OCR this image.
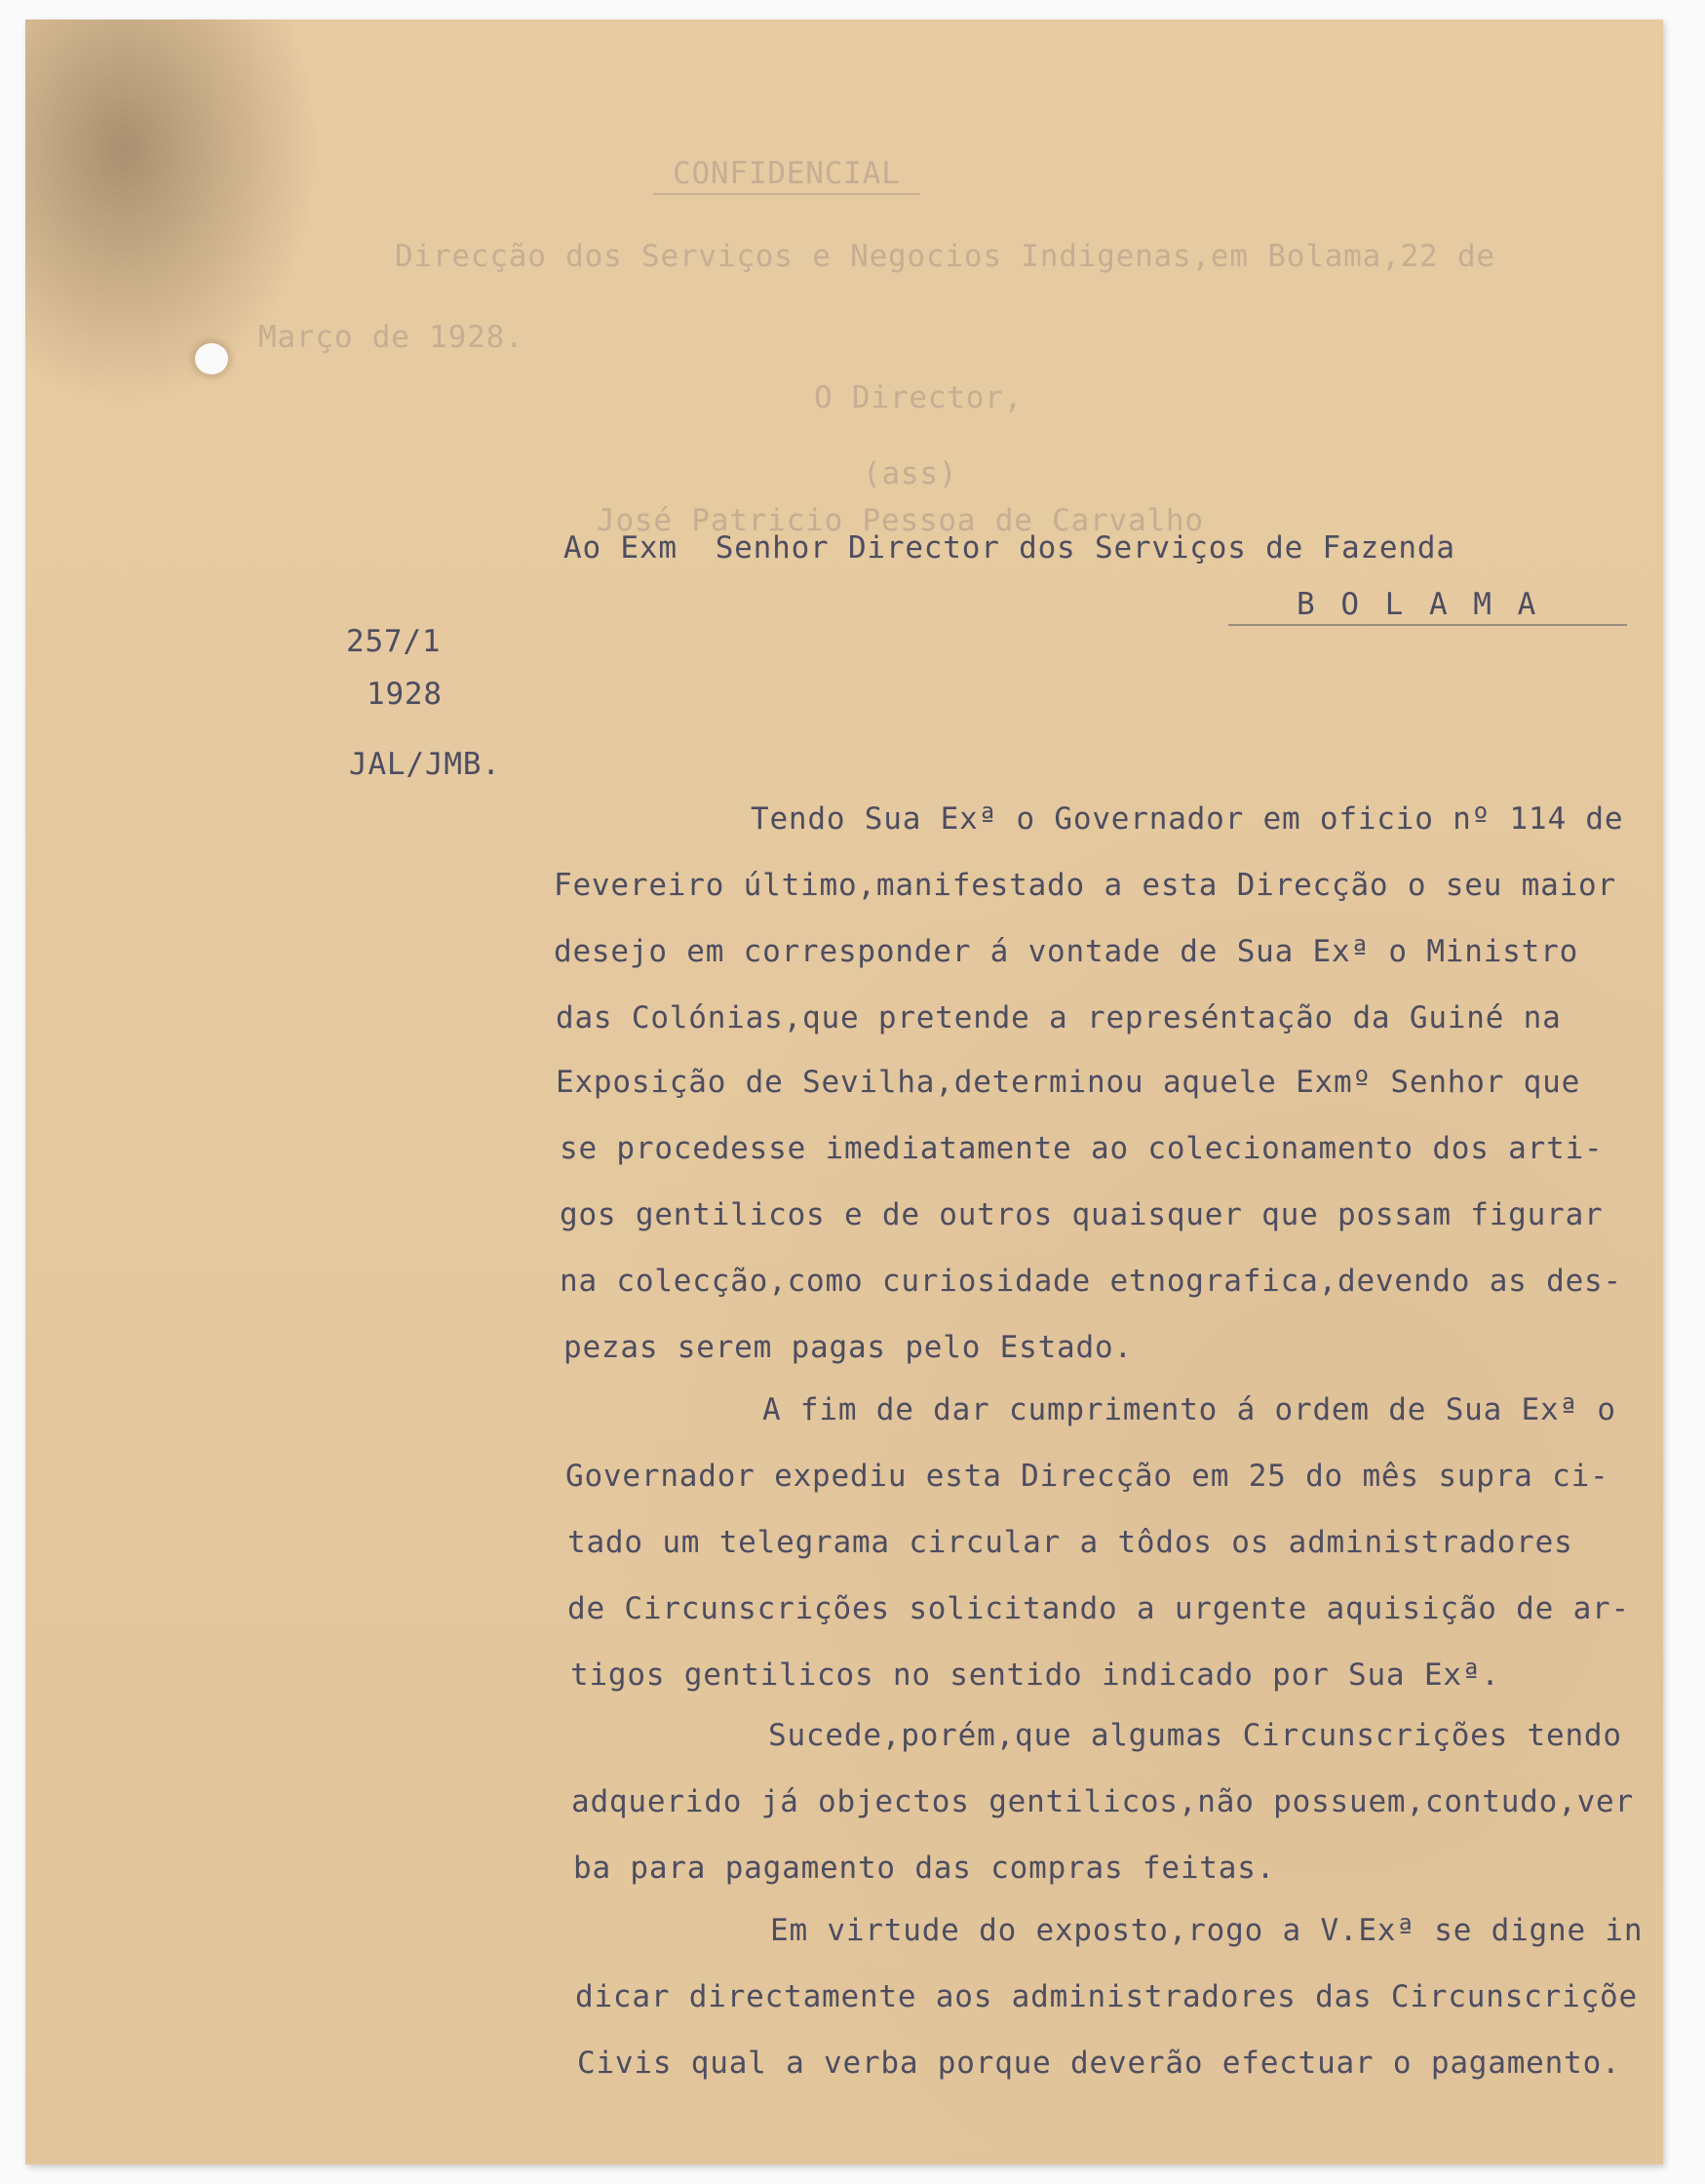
CONFIDENCIAL
Direcção dos Serviços e Negocios Indigenas,em Bolama,22 de
Março de 1928.
O Director,
(ass)
José Patricio Pessoa de Carvalho
Ao Exm  Senhor Director dos Serviços de Fazenda
B O L A M A
257/1
1928
JAL/JMB.
Tendo Sua Exª o Governador em oficio nº 114 de
Fevereiro último,manifestado a esta Direcção o seu maior
desejo em corresponder á vontade de Sua Exª o Ministro
das Colónias,que pretende a represéntação da Guiné na
Exposição de Sevilha,determinou aquele Exmº Senhor que
se procedesse imediatamente ao colecionamento dos arti-
gos gentilicos e de outros quaisquer que possam figurar
na colecção,como curiosidade etnografica,devendo as des-
pezas serem pagas pelo Estado.
A fim de dar cumprimento á ordem de Sua Exª o
Governador expediu esta Direcção em 25 do mês supra ci-
tado um telegrama circular a tôdos os administradores
de Circunscrições solicitando a urgente aquisição de ar-
tigos gentilicos no sentido indicado por Sua Exª.
Sucede,porém,que algumas Circunscrições tendo
adquerido já objectos gentilicos,não possuem,contudo,ver
ba para pagamento das compras feitas.
Em virtude do exposto,rogo a V.Exª se digne in
dicar directamente aos administradores das Circunscriçõe
Civis qual a verba porque deverão efectuar o pagamento.
